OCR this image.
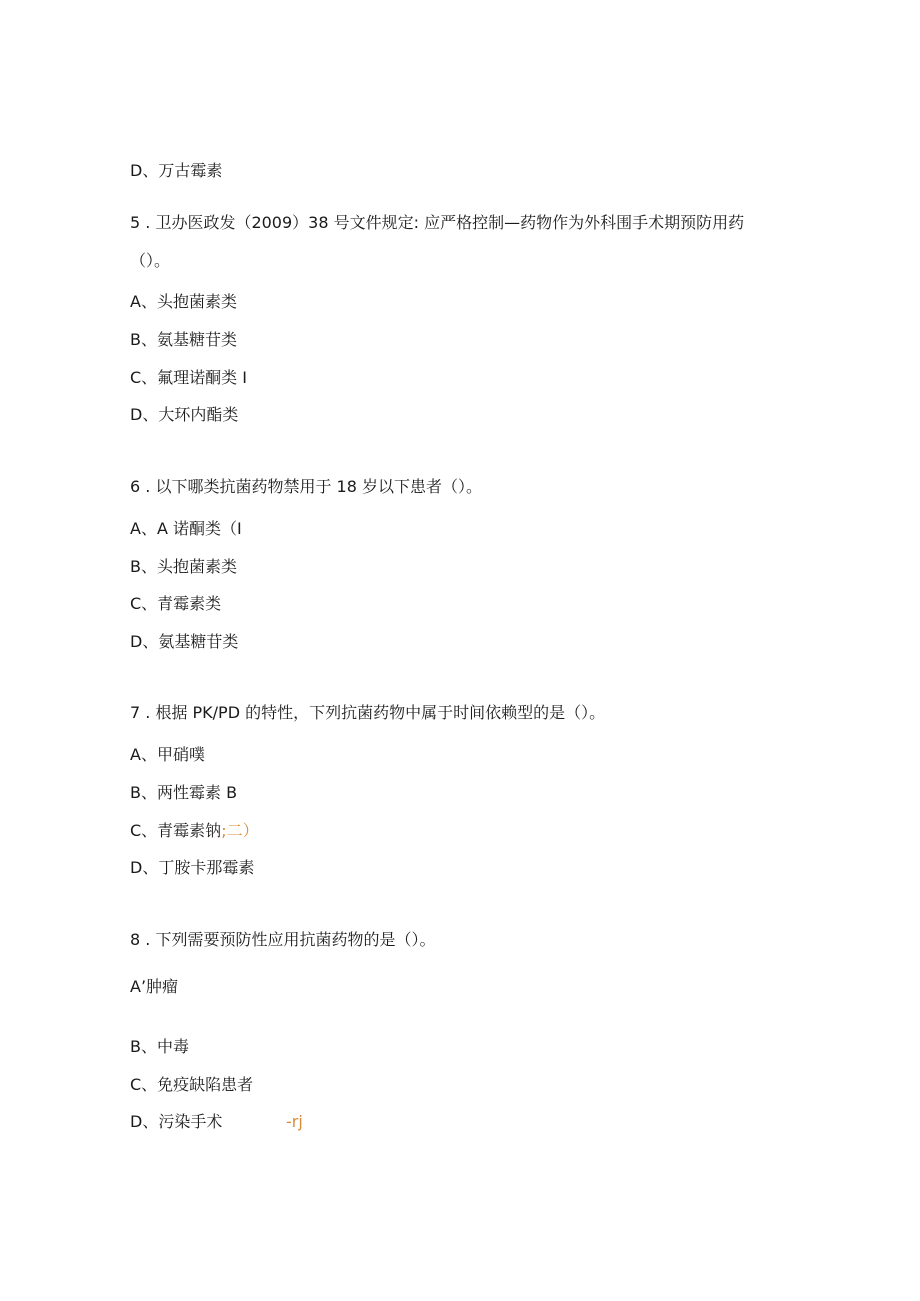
D、万古霉素
5 . 卫办医政发（2009）38 号文件规定: 应严格控制—药物作为外科围手术期预防用药
（）。
A、头抱菌素类
B、氨基糖苷类
C、氟理诺酮类 I
D、大环内酯类
6 . 以下哪类抗菌药物禁用于 18 岁以下患者（）。
A、A 诺酮类（I
B、头抱菌素类
C、青霉素类
D、氨基糖苷类
7 . 根据 PK/PD 的特性，下列抗菌药物中属于时间依赖型的是（）。
A、甲硝噗
B、两性霉素 B
C、青霉素钠;二）
D、丁胺卡那霉素
8 . 下列需要预防性应用抗菌药物的是（）。
A’肿瘤
B、中毒
C、免疫缺陷患者
D、污染手术	-rj
